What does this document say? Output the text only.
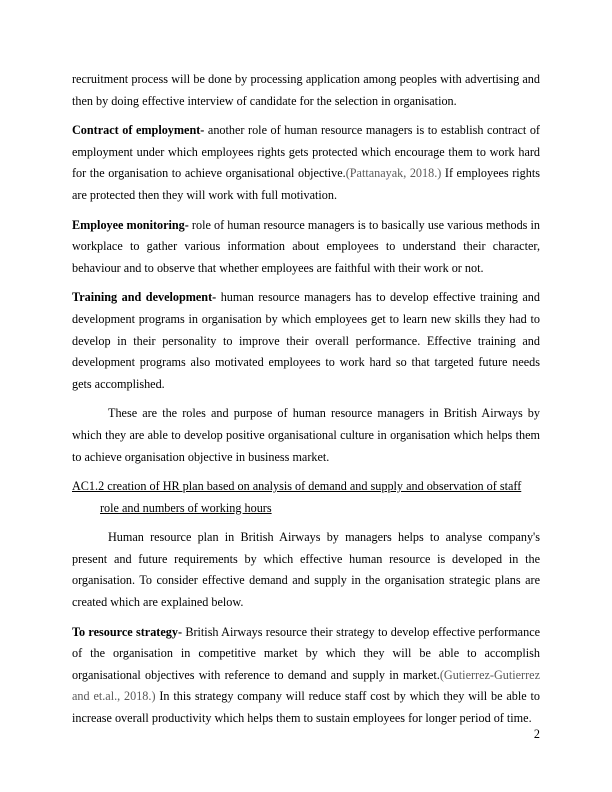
recruitment process will be done by processing application among peoples with advertising and then by doing effective interview of candidate for the selection in organisation.

Contract of employment- another role of human resource managers is to establish contract of employment under which employees rights gets protected which encourage them to work hard for the organisation to achieve organisational objective.(Pattanayak, 2018.) If employees rights are protected then they will work with full motivation.

Employee monitoring- role of human resource managers is to basically use various methods in workplace to gather various information about employees to understand their character, behaviour and to observe that whether employees are faithful with their work or not.

Training and development- human resource managers has to develop effective training and development programs in organisation by which employees get to learn new skills they had to develop in their personality to improve their overall performance. Effective training and development programs also motivated employees to work hard so that targeted future needs gets accomplished.

These are the roles and purpose of human resource managers in British Airways by which they are able to develop positive organisational culture in organisation which helps them to achieve organisation objective in business market.

AC1.2 creation of HR plan based on analysis of demand and supply and observation of staff role and numbers of working hours

Human resource plan in British Airways by managers helps to analyse company's present and future requirements by which effective human resource is developed in the organisation. To consider effective demand and supply in the organisation strategic plans are created which are explained below.

To resource strategy- British Airways resource their strategy to develop effective performance of the organisation in competitive market by which they will be able to accomplish organisational objectives with reference to demand and supply in market.(Gutierrez-Gutierrez and et.al., 2018.) In this strategy company will reduce staff cost by which they will be able to increase overall productivity which helps them to sustain employees for longer period of time.

2
